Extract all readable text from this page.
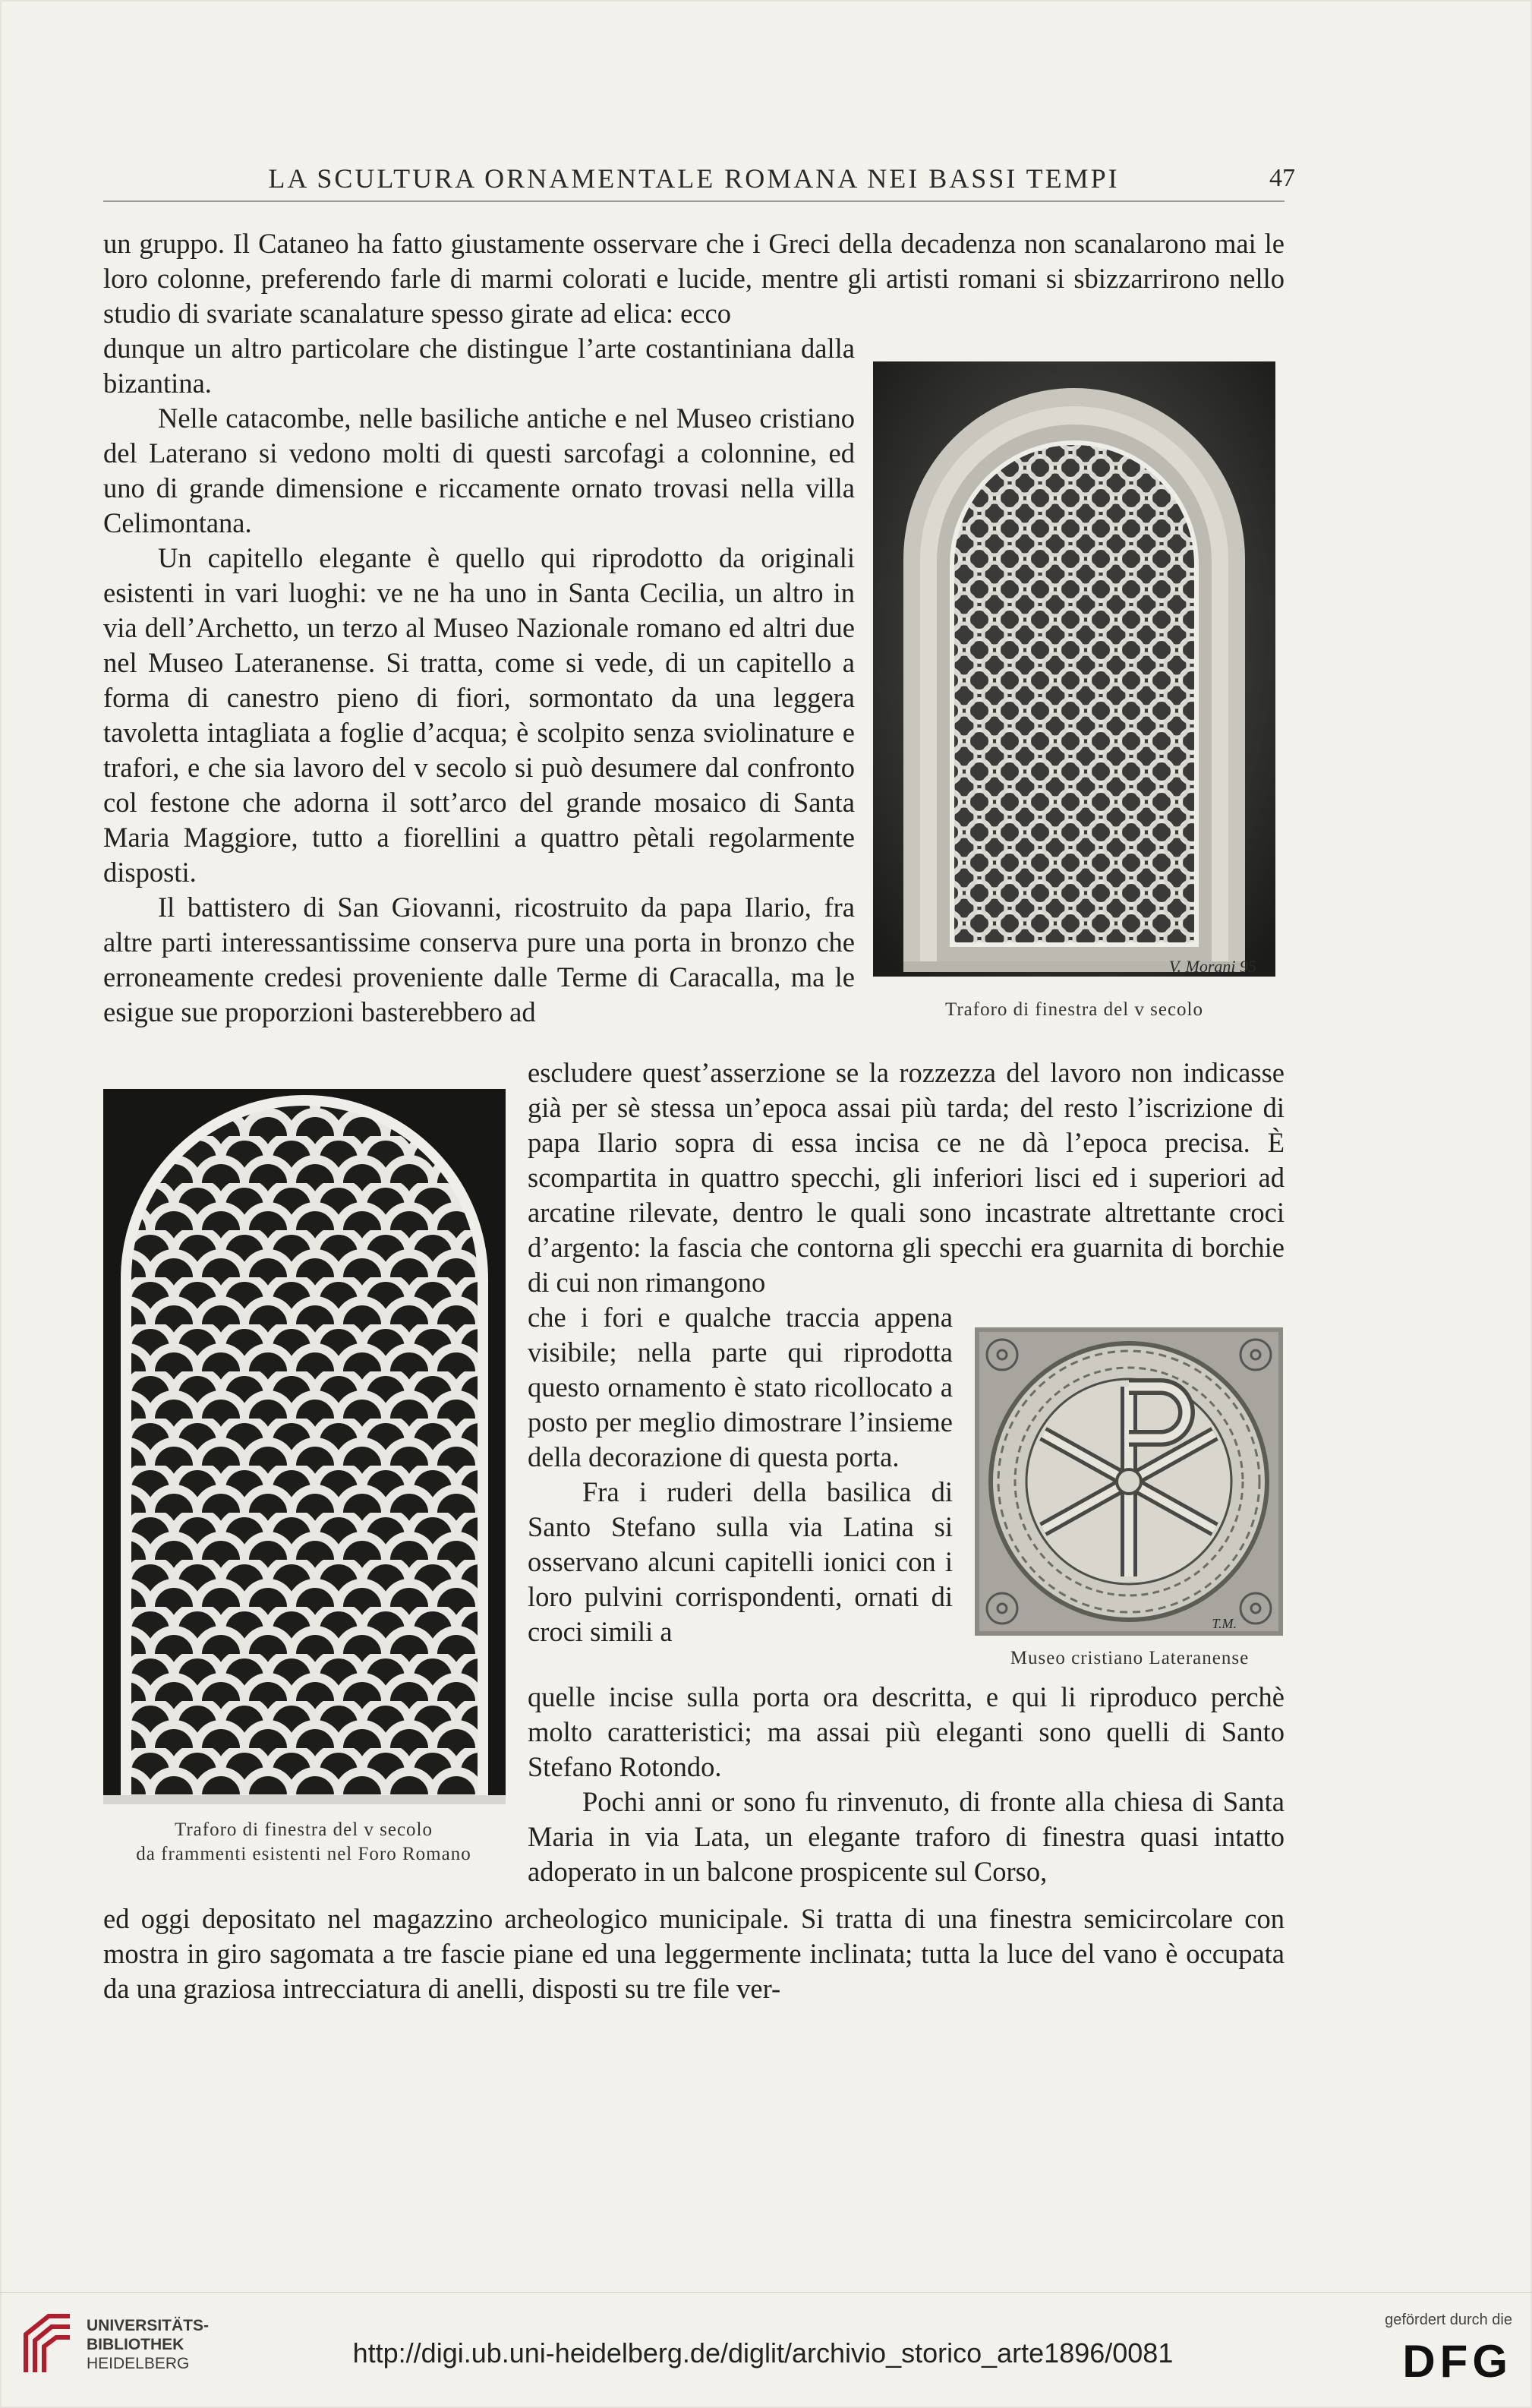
LA SCULTURA ORNAMENTALE ROMANA NEI BASSI TEMPI	47

un gruppo. Il Cataneo ha fatto giustamente osservare che i Greci della decadenza non scanalarono mai le loro colonne, preferendo farle di marmi colorati e lucide, mentre gli artisti romani si sbizzarrirono nello studio di svariate scanalature spesso girate ad elica: ecco

dunque un altro particolare che distingue l’arte costantiniana dalla bizantina.

Nelle catacombe, nelle basiliche antiche e nel Museo cristiano del Laterano si vedono molti di questi sarcofagi a colonnine, ed uno di grande dimensione e riccamente ornato trovasi nella villa Celimontana.

Un capitello elegante è quello qui riprodotto da originali esistenti in vari luoghi: ve ne ha uno in Santa Cecilia, un altro in via dell’Archetto, un terzo al Museo Nazionale romano ed altri due nel Museo Lateranense. Si tratta, come si vede, di un capitello a forma di canestro pieno di fiori, sormontato da una leggera tavoletta intagliata a foglie d’acqua; è scolpito senza sviolinature e trafori, e che sia lavoro del v secolo si può desumere dal confronto col festone che adorna il sott’arco del grande mosaico di Santa Maria Maggiore, tutto a fiorellini a quattro pètali regolarmente disposti.

Il battistero di San Giovanni, ricostruito da papa Ilario, fra altre parti interessantissime conserva pure una porta in bronzo che erroneamente credesi proveniente dalle Terme di Caracalla, ma le esigue sue proporzioni basterebbero ad

V. Morani 95
Traforo di finestra del v secolo

escludere quest’asserzione se la rozzezza del lavoro non indicasse già per sè stessa un’epoca assai più tarda; del resto l’iscrizione di papa Ilario sopra di essa incisa ce ne dà l’epoca precisa. È scompartita in quattro specchi, gli inferiori lisci ed i superiori ad arcatine rilevate, dentro le quali sono incastrate altrettante croci d’argento: la fascia che contorna gli specchi era guarnita di borchie di cui non rimangono

Traforo di finestra del v secolo
da frammenti esistenti nel Foro Romano

che i fori e qualche traccia appena visibile; nella parte qui riprodotta questo ornamento è stato ricollocato a posto per meglio dimostrare l’insieme della decorazione di questa porta.

Fra i ruderi della basilica di Santo Stefano sulla via Latina si osservano alcuni capitelli ionici con i loro pulvini corrispondenti, ornati di croci simili a	T.M.
Museo cristiano Lateranense

quelle incise sulla porta ora descritta, e qui li riproduco perchè molto caratteristici; ma assai più eleganti sono quelli di Santo Stefano Rotondo.

Pochi anni or sono fu rinvenuto, di fronte alla chiesa di Santa Maria in via Lata, un elegante traforo di finestra quasi intatto adoperato in un balcone prospicente sul Corso,

ed oggi depositato nel magazzino archeologico municipale. Si tratta di una finestra semicircolare con mostra in giro sagomata a tre fascie piane ed una leggermente inclinata; tutta la luce del vano è occupata da una graziosa intrecciatura di anelli, disposti su tre file ver-

UNIVERSITÄTS-
BIBLIOTHEK
HEIDELBERG	http://digi.ub.uni-heidelberg.de/diglit/archivio_storico_arte1896/0081
gefördert durch die
DFG
